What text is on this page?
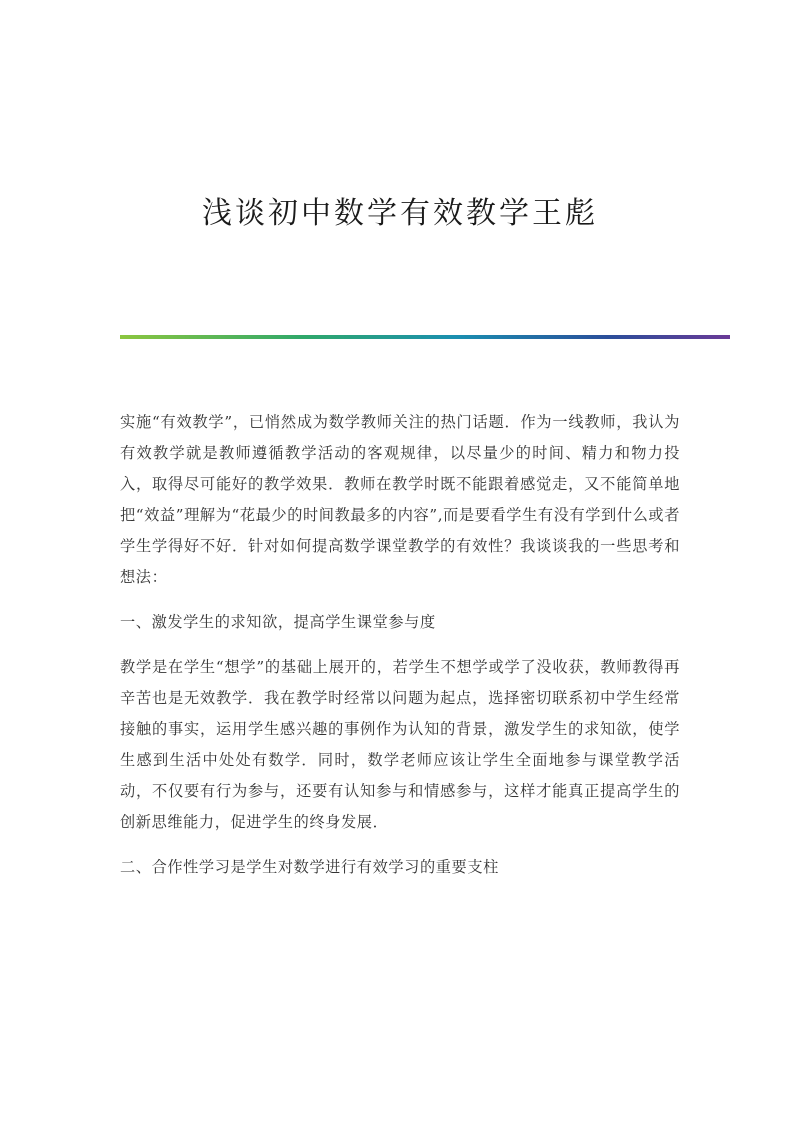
浅谈初中数学有效教学王彪

实施“有效教学”，已悄然成为数学教师关注的热门话题．作为一线教师，我认为有效教学就是教师遵循教学活动的客观规律，以尽量少的时间、精力和物力投入，取得尽可能好的教学效果．教师在教学时既不能跟着感觉走，又不能简单地把“效益”理解为“花最少的时间教最多的内容”,而是要看学生有没有学到什么或者学生学得好不好．针对如何提高数学课堂教学的有效性？我谈谈我的一些思考和想法：

一、激发学生的求知欲，提高学生课堂参与度

教学是在学生“想学”的基础上展开的，若学生不想学或学了没收获，教师教得再辛苦也是无效教学．我在教学时经常以问题为起点，选择密切联系初中学生经常接触的事实，运用学生感兴趣的事例作为认知的背景，激发学生的求知欲，使学生感到生活中处处有数学．同时，数学老师应该让学生全面地参与课堂教学活动，不仅要有行为参与，还要有认知参与和情感参与，这样才能真正提高学生的创新思维能力，促进学生的终身发展．

二、合作性学习是学生对数学进行有效学习的重要支柱
